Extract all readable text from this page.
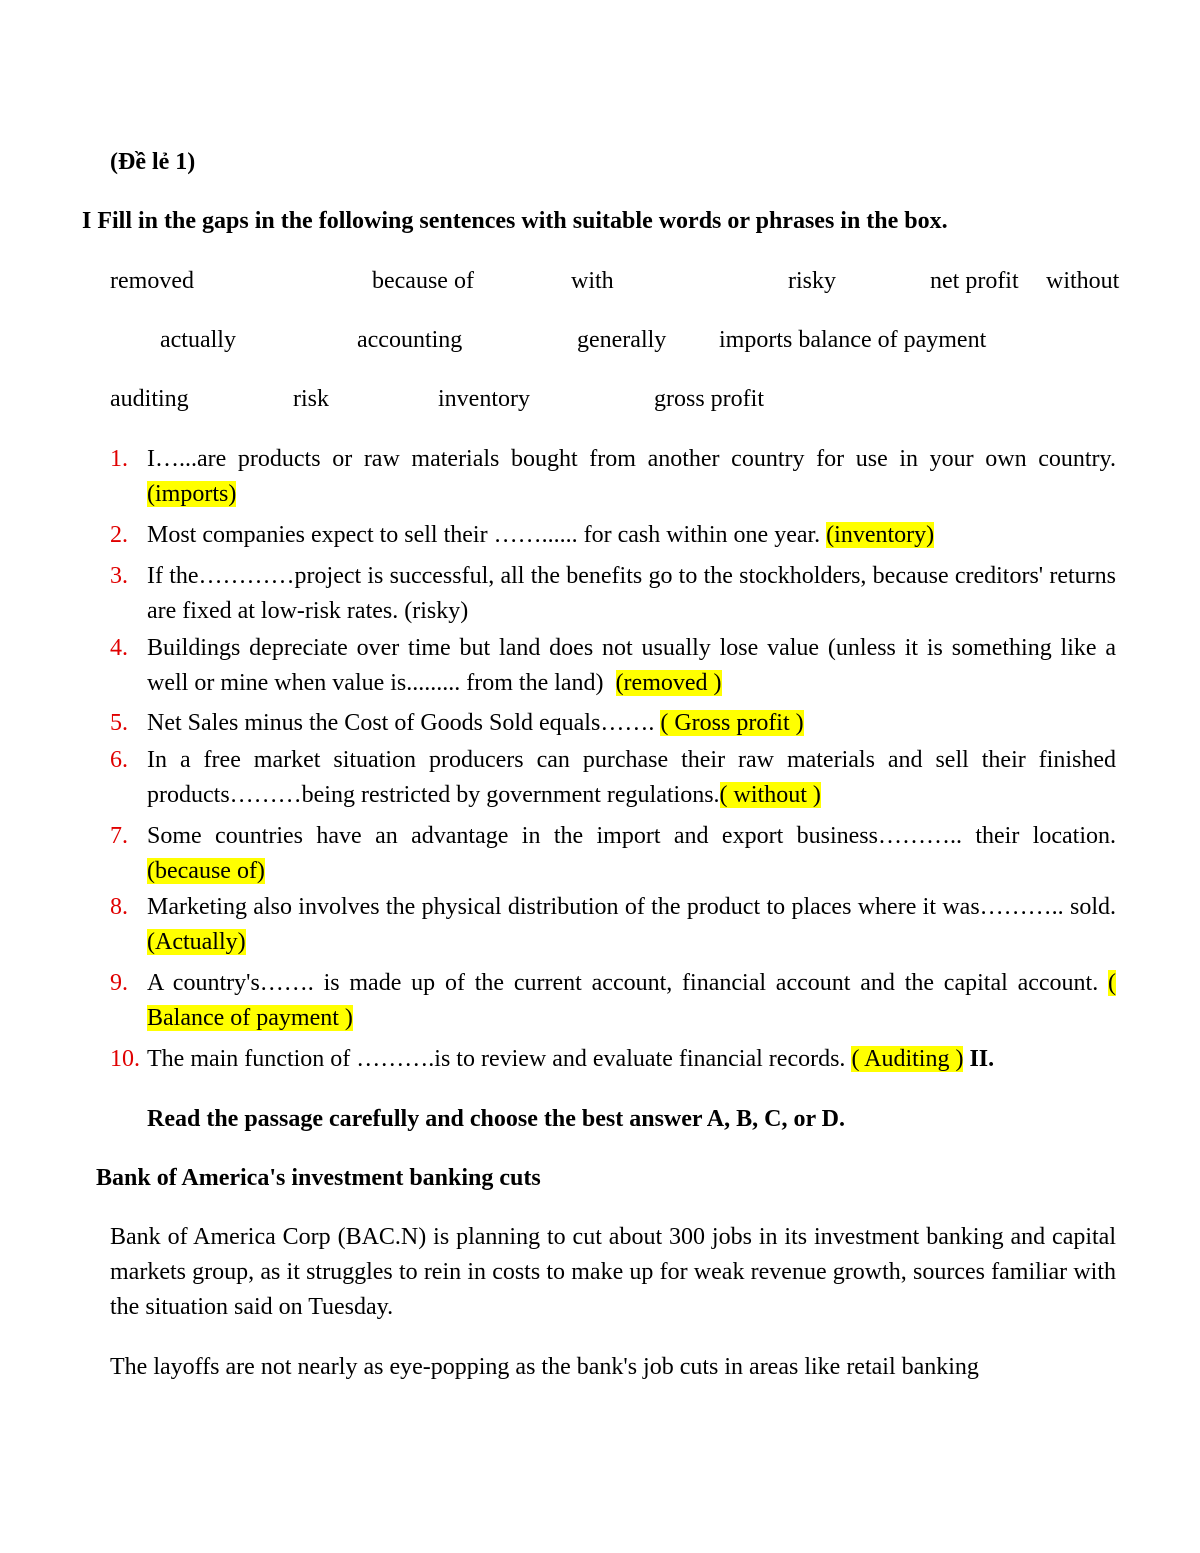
(Đề lẻ 1)
I Fill in the gaps in the following sentences with suitable words or phrases in the box.
removed	because of	with	risky	net profit without
actually	accounting	generally imports balance of payment
auditing	risk	inventory	gross profit
1. I…...are products or raw materials bought from another country for use in your own country. (imports)
2. Most companies expect to sell their ……...... for cash within one year. (inventory)
3. If the…………project is successful, all the benefits go to the stockholders, because creditors' returns are fixed at low-risk rates. (risky)
4. Buildings depreciate over time but land does not usually lose value (unless it is something like a well or mine when value is......... from the land) (removed )
5. Net Sales minus the Cost of Goods Sold equals……. ( Gross profit )
6. In a free market situation producers can purchase their raw materials and sell their finished products………being restricted by government regulations.( without )
7. Some countries have an advantage in the import and export business……….. their location. (because of)
8. Marketing also involves the physical distribution of the product to places where it was……….. sold. (Actually)
9. A country's……. is made up of the current account, financial account and the capital account. ( Balance of payment )
10. The main function of ……….is to review and evaluate financial records. ( Auditing ) II.
Read the passage carefully and choose the best answer A, B, C, or D.
Bank of America's investment banking cuts
Bank of America Corp (BAC.N) is planning to cut about 300 jobs in its investment banking and capital markets group, as it struggles to rein in costs to make up for weak revenue growth, sources familiar with the situation said on Tuesday.
The layoffs are not nearly as eye-popping as the bank's job cuts in areas like retail banking
